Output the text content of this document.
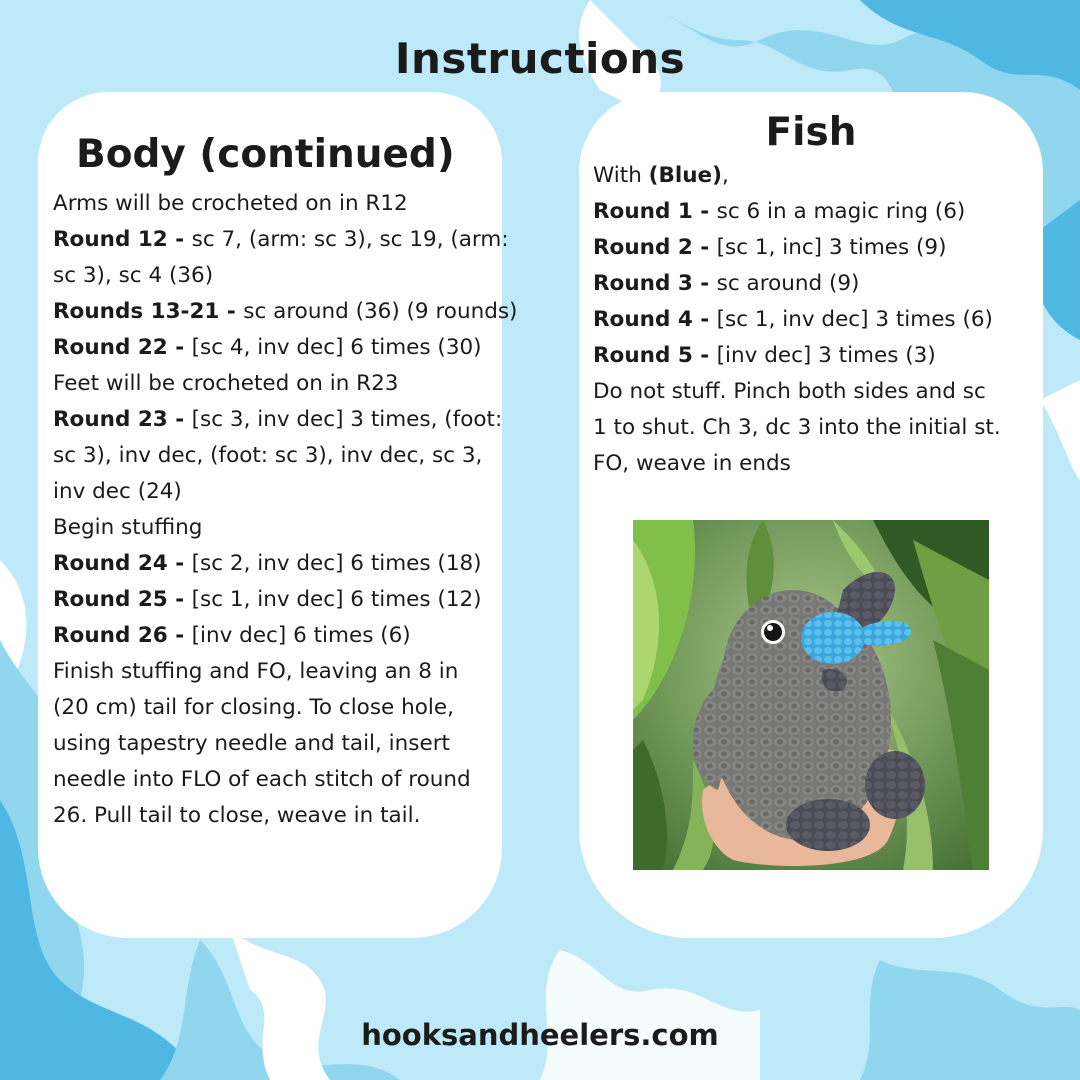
Instructions
Body (continued)
Arms will be crocheted on in R12
Round 12 - sc 7, (arm: sc 3), sc 19, (arm:
sc 3), sc 4 (36)
Rounds 13-21 - sc around (36) (9 rounds)
Round 22 - [sc 4, inv dec] 6 times (30)
Feet will be crocheted on in R23
Round 23 - [sc 3, inv dec] 3 times, (foot:
sc 3), inv dec, (foot: sc 3), inv dec, sc 3,
inv dec (24)
Begin stuffing
Round 24 - [sc 2, inv dec] 6 times (18)
Round 25 - [sc 1, inv dec] 6 times (12)
Round 26 - [inv dec] 6 times (6)
Finish stuffing and FO, leaving an 8 in
(20 cm) tail for closing. To close hole,
using tapestry needle and tail, insert
needle into FLO of each stitch of round
26. Pull tail to close, weave in tail.
Fish
With (Blue),
Round 1 - sc 6 in a magic ring (6)
Round 2 - [sc 1, inc] 3 times (9)
Round 3 - sc around (9)
Round 4 - [sc 1, inv dec] 3 times (6)
Round 5 - [inv dec] 3 times (3)
Do not stuff. Pinch both sides and sc
1 to shut. Ch 3, dc 3 into the initial st.
FO, weave in ends
hooksandheelers.com
